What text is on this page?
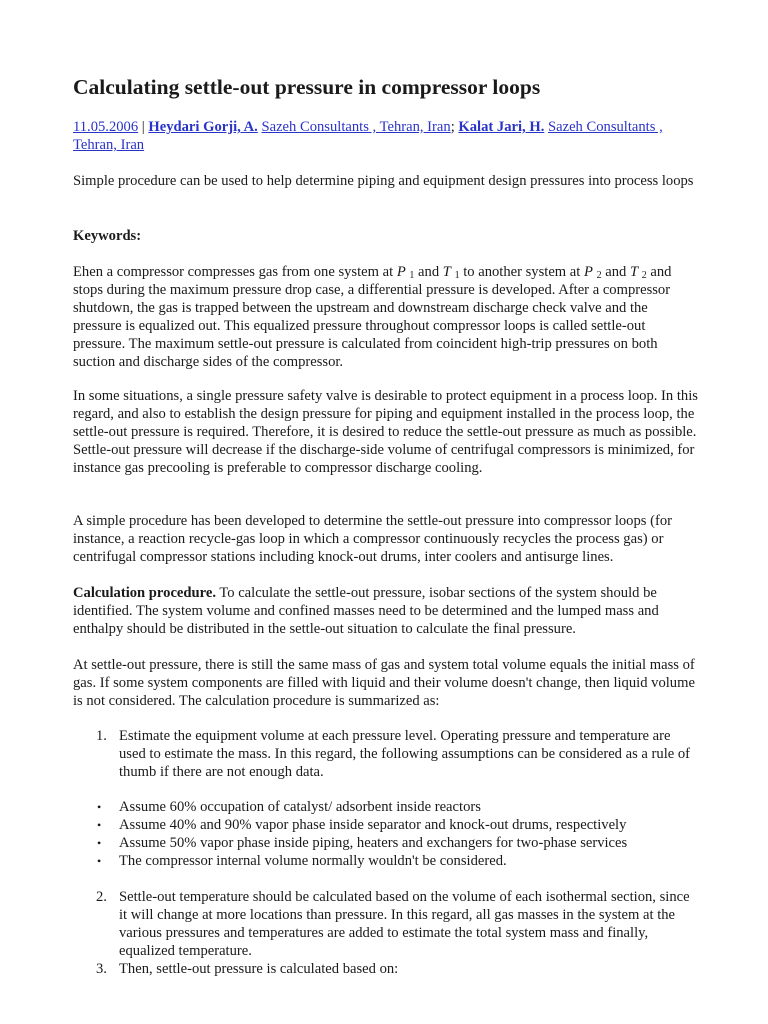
Calculating settle-out pressure in compressor loops
11.05.2006 | Heydari Gorji, A. Sazeh Consultants , Tehran, Iran; Kalat Jari, H. Sazeh Consultants , Tehran, Iran

Simple procedure can be used to help determine piping and equipment design pressures into process loops

Keywords:

Ehen a compressor compresses gas from one system at P $_1$ and T $_1$ to another system at P $_2$ and T $_2$ and stops during the maximum pressure drop case, a differential pressure is developed. After a compressor shutdown, the gas is trapped between the upstream and downstream discharge check valve and the pressure is equalized out. This equalized pressure throughout compressor loops is called settle-out pressure. The maximum settle-out pressure is calculated from coincident high-trip pressures on both suction and discharge sides of the compressor.

In some situations, a single pressure safety valve is desirable to protect equipment in a process loop. In this regard, and also to establish the design pressure for piping and equipment installed in the process loop, the settle-out pressure is required. Therefore, it is desired to reduce the settle-out pressure as much as possible. Settle-out pressure will decrease if the discharge-side volume of centrifugal compressors is minimized, for instance gas precooling is preferable to compressor discharge cooling.

A simple procedure has been developed to determine the settle-out pressure into compressor loops (for instance, a reaction recycle-gas loop in which a compressor continuously recycles the process gas) or centrifugal compressor stations including knock-out drums, inter coolers and antisurge lines.

Calculation procedure. To calculate the settle-out pressure, isobar sections of the system should be identified. The system volume and confined masses need to be determined and the lumped mass and enthalpy should be distributed in the settle-out situation to calculate the final pressure.

At settle-out pressure, there is still the same mass of gas and system total volume equals the initial mass of gas. If some system components are filled with liquid and their volume doesn't change, then liquid volume is not considered. The calculation procedure is summarized as:

1. Estimate the equipment volume at each pressure level. Operating pressure and temperature are used to estimate the mass. In this regard, the following assumptions can be considered as a rule of thumb if there are not enough data.
• Assume 60% occupation of catalyst/ adsorbent inside reactors
• Assume 40% and 90% vapor phase inside separator and knock-out drums, respectively
• Assume 50% vapor phase inside piping, heaters and exchangers for two-phase services
• The compressor internal volume normally wouldn't be considered.
2. Settle-out temperature should be calculated based on the volume of each isothermal section, since it will change at more locations than pressure. In this regard, all gas masses in the system at the various pressures and temperatures are added to estimate the total system mass and finally, equalized temperature.
3. Then, settle-out pressure is calculated based on:
